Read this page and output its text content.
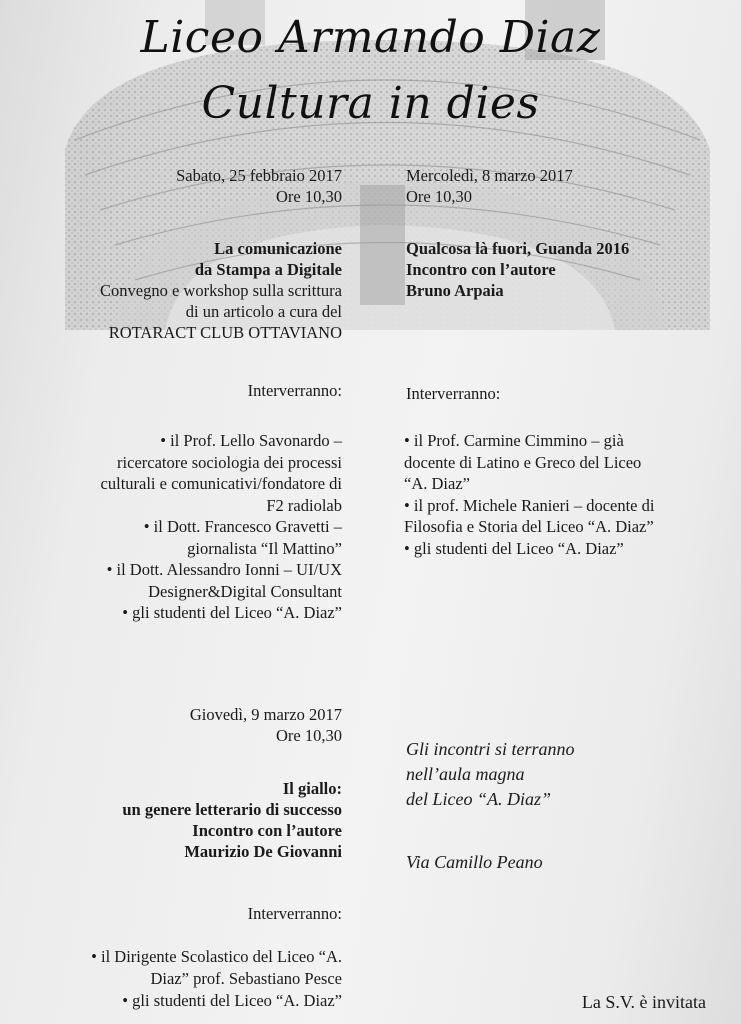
Liceo Armando Diaz
Cultura in dies
Sabato, 25 febbraio 2017
Ore 10,30
La comunicazione
da Stampa a Digitale
Convegno e workshop sulla scrittura
di un articolo a cura del
ROTARACT CLUB OTTAVIANO
Interverranno:
• il Prof. Lello Savonardo –
ricercatore sociologia dei processi
culturali e comunicativi/fondatore di
F2 radiolab
• il Dott. Francesco Gravetti –
giornalista “Il Mattino”
• il Dott. Alessandro Ionni – UI/UX
Designer&Digital Consultant
• gli studenti del Liceo “A. Diaz”
Mercoledì, 8 marzo 2017
Ore 10,30
Qualcosa là fuori, Guanda 2016
Incontro con l’autore
Bruno Arpaia
Interverranno:
• il Prof. Carmine Cimmino – già
docente di Latino e Greco del Liceo
“A. Diaz”
• il prof. Michele Ranieri – docente di
Filosofia e Storia del Liceo “A. Diaz”
• gli studenti del Liceo “A. Diaz”
Giovedì, 9 marzo 2017
Ore 10,30
Il giallo:
un genere letterario di successo
Incontro con l’autore
Maurizio De Giovanni
Interverranno:
• il Dirigente Scolastico del Liceo “A.
Diaz” prof. Sebastiano Pesce
• gli studenti del Liceo “A. Diaz”
Gli incontri si terranno
nell’aula magna
del Liceo “A. Diaz”
Via Camillo Peano
La S.V. è invitata
